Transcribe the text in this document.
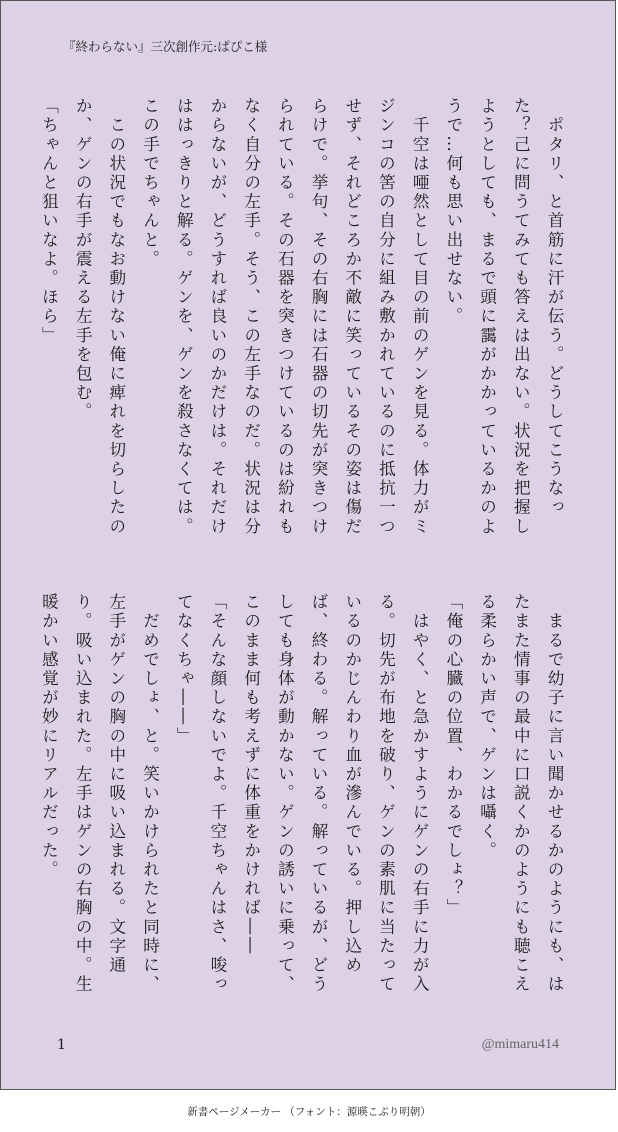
『終わらない』三次創作元:ぱぴこ様

　ポタリ、と首筋に汗が伝う。どうしてこうなった？己に問うてみても答えは出ない。状況を把握しようとしても、まるで頭に靄がかかっているかのようで…何も思い出せない。

　千空は唖然として目の前のゲンを見る。体力がミジンコの筈の自分に組み敷かれているのに抵抗一つせず、それどころか不敵に笑っているその姿は傷だらけで。挙句、その右胸には石器の切先が突きつけられている。その石器を突きつけているのは紛れもなく自分の左手。そう、この左手なのだ。状況は分からないが、どうすれば良いのかだけは。それだけははっきりと解る。ゲンを、ゲンを殺さなくては。この手でちゃんと。

　この状況でもなお動けない俺に痺れを切らしたのか、ゲンの右手が震える左手を包む。

「ちゃんと狙いなよ。ほら」

　まるで幼子に言い聞かせるかのようにも、はたまた情事の最中に口説くかのようにも聴こえる柔らかい声で、ゲンは囁く。

「俺の心臓の位置、わかるでしょ？」

　はやく、と急かすようにゲンの右手に力が入る。切先が布地を破り、ゲンの素肌に当たっているのかじんわり血が滲んでいる。押し込めば、終わる。解っている。解っているが、どうしても身体が動かない。ゲンの誘いに乗って、このまま何も考えずに体重をかければ――

「そんな顔しないでよ。千空ちゃんはさ、唆ってなくちゃ――」

　だめでしょ、と。笑いかけられたと同時に、左手がゲンの胸の中に吸い込まれる。文字通り。吸い込まれた。左手はゲンの右胸の中。生暖かい感覚が妙にリアルだった。

1	@mimaru414
新書ページメーカー （フォント：源暎こぶり明朝）
